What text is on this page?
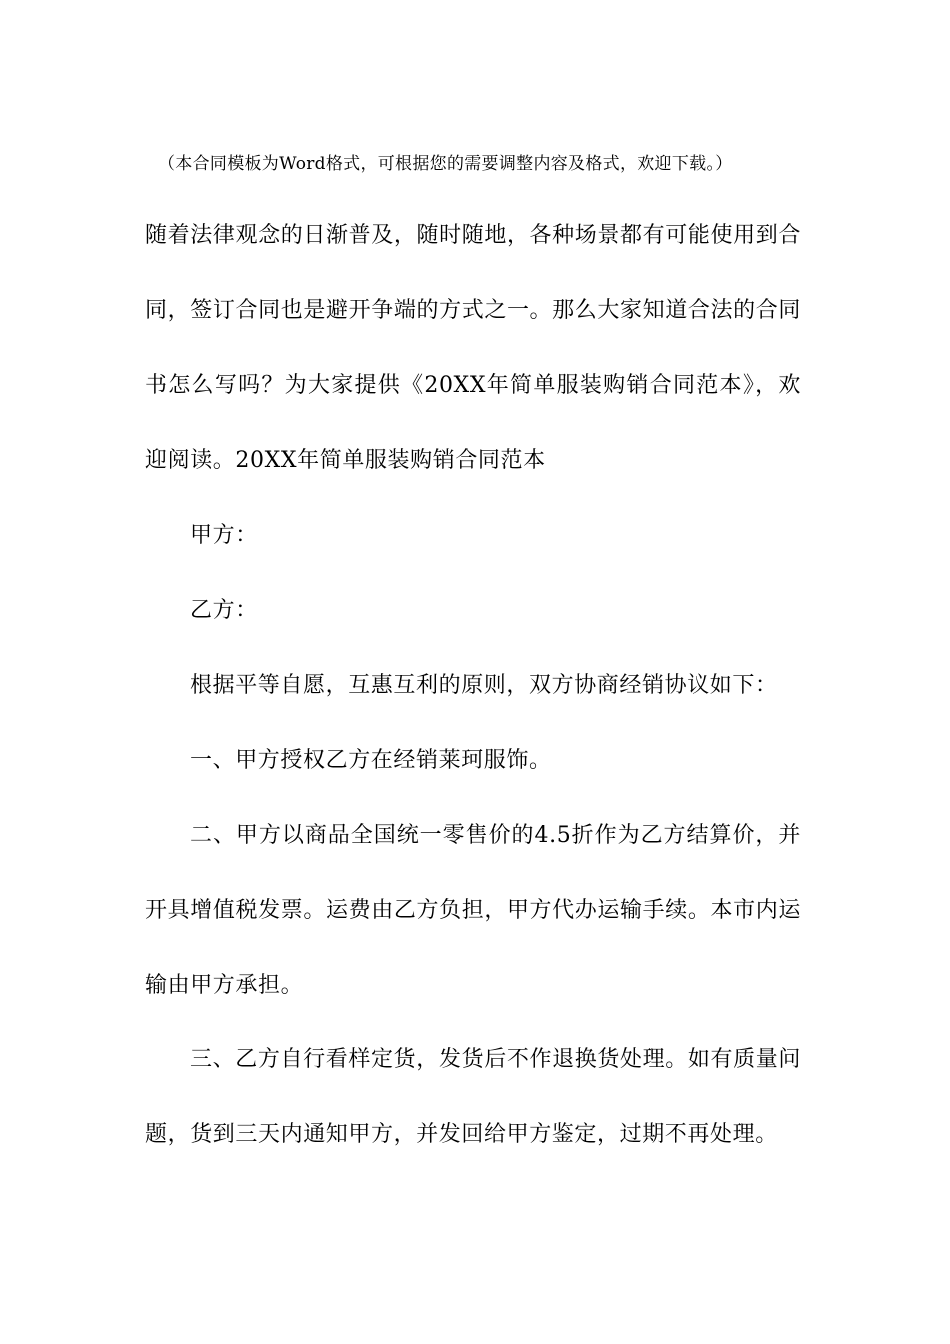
（本合同模板为Word格式，可根据您的需要调整内容及格式，欢迎下载。）
随着法律观念的日渐普及，随时随地，各种场景都有可能使用到合同，签订合同也是避开争端的方式之一。那么大家知道合法的合同书怎么写吗？为大家提供《20XX年简单服装购销合同范本》，欢迎阅读。20XX年简单服装购销合同范本
甲方：
乙方：
根据平等自愿，互惠互利的原则，双方协商经销协议如下：
一、甲方授权乙方在经销莱珂服饰。
二、甲方以商品全国统一零售价的4.5折作为乙方结算价，并开具增值税发票。运费由乙方负担，甲方代办运输手续。本市内运输由甲方承担。
三、乙方自行看样定货，发货后不作退换货处理。如有质量问题，货到三天内通知甲方，并发回给甲方鉴定，过期不再处理。
